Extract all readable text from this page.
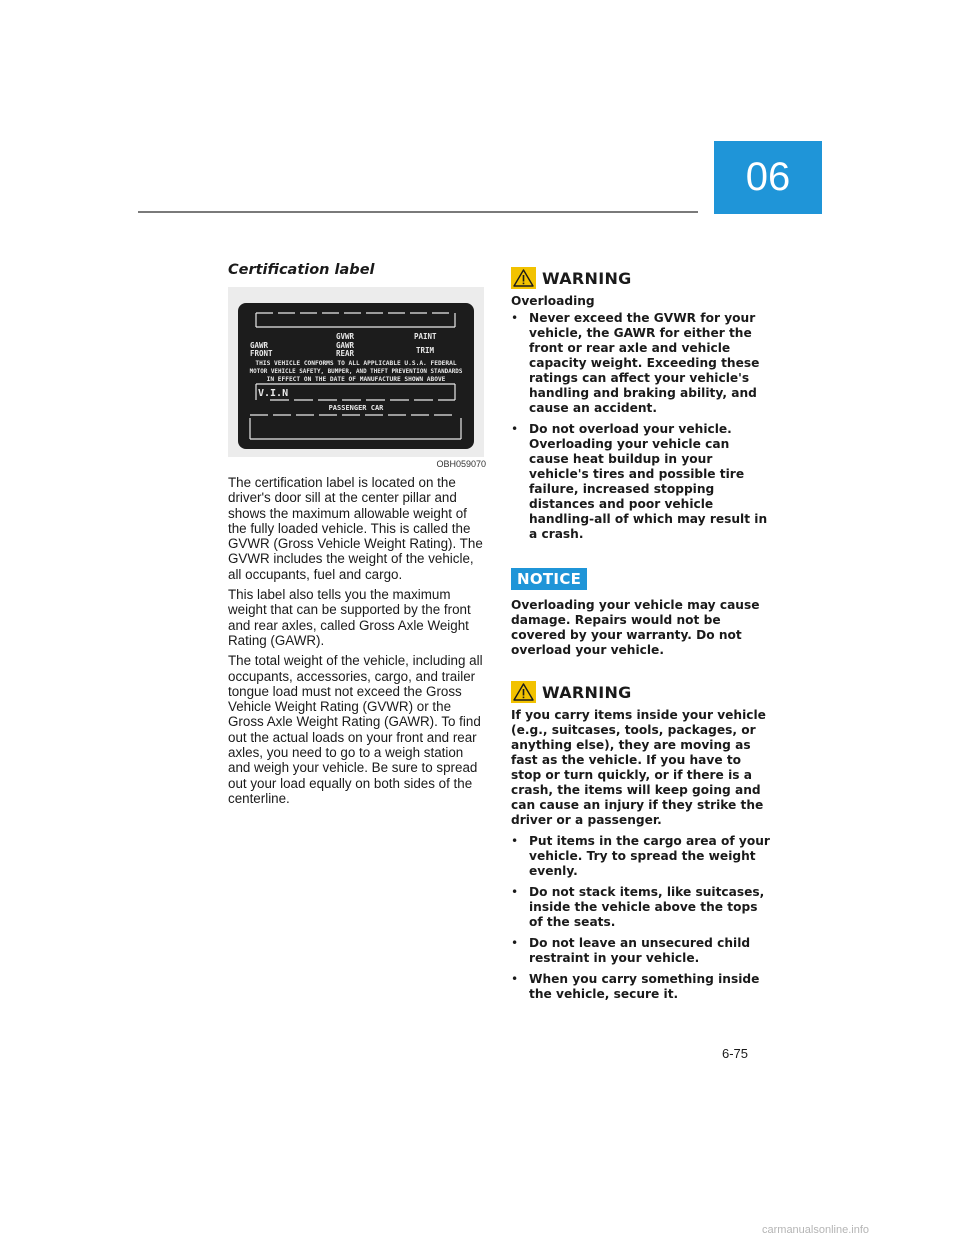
06
Certification label
GVWR	PAINT
GAWR
FRONT
GAWR
REAR	TRIM
THIS VEHICLE CONFORMS TO ALL APPLICABLE U.S.A. FEDERAL
MOTOR VEHICLE SAFETY, BUMPER, AND THEFT PREVENTION STANDARDS
IN EFFECT ON THE DATE OF MANUFACTURE SHOWN ABOVE
V.I.N
PASSENGER CAR
OBH059070

The certification label is located on the driver's door sill at the center pillar and shows the maximum allowable weight of the fully loaded vehicle. This is called the GVWR (Gross Vehicle Weight Rating). The GVWR includes the weight of the vehicle, all occupants, fuel and cargo.

This label also tells you the maximum weight that can be supported by the front and rear axles, called Gross Axle Weight Rating (GAWR).

The total weight of the vehicle, including all occupants, accessories, cargo, and trailer tongue load must not exceed the Gross Vehicle Weight Rating (GVWR) or the Gross Axle Weight Rating (GAWR). To find out the actual loads on your front and rear axles, you need to go to a weigh station and weigh your vehicle. Be sure to spread out your load equally on both sides of the centerline.

WARNING
Overloading
• Never exceed the GVWR for your vehicle, the GAWR for either the front or rear axle and vehicle capacity weight. Exceeding these ratings can affect your vehicle's handling and braking ability, and cause an accident.
• Do not overload your vehicle. Overloading your vehicle can cause heat buildup in your vehicle's tires and possible tire failure, increased stopping distances and poor vehicle handling-all of which may result in a crash.
NOTICE

Overloading your vehicle may cause damage. Repairs would not be covered by your warranty. Do not overload your vehicle.

WARNING

If you carry items inside your vehicle (e.g., suitcases, tools, packages, or anything else), they are moving as fast as the vehicle. If you have to stop or turn quickly, or if there is a crash, the items will keep going and can cause an injury if they strike the driver or a passenger.

• Put items in the cargo area of your vehicle. Try to spread the weight evenly.
• Do not stack items, like suitcases, inside the vehicle above the tops of the seats.
• Do not leave an unsecured child restraint in your vehicle.
• When you carry something inside the vehicle, secure it.
6-75
carmanualsonline.info
